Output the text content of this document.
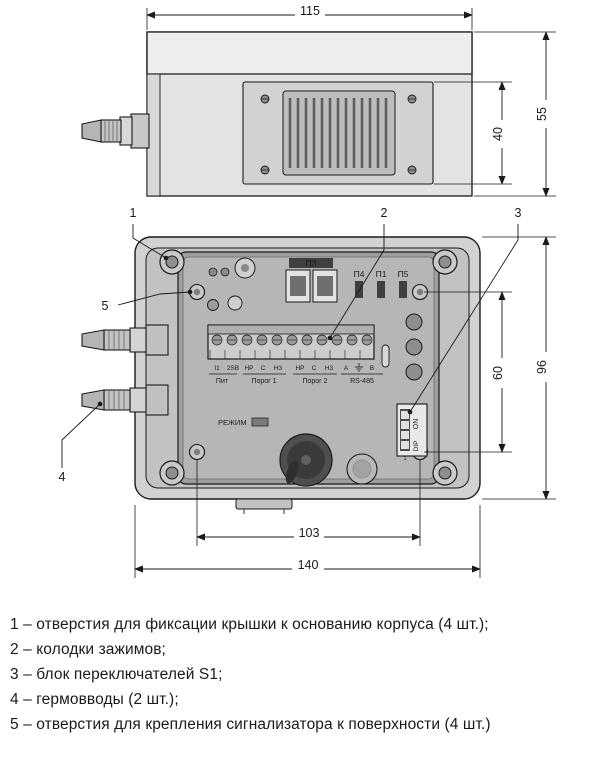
115
55
40
П3
П4 П1 П5
I1 2SB HP C H3 HP C H3 A	B
Пит	Порог 1	Порог 2	RS-485
РЕЖИМ	ON
DIP
1
96
60
103
140
1	2	3
4
5
1 – отверстия для фиксации крышки к основанию корпуса (4 шт.);
2 – колодки зажимов;
3 – блок переключателей S1;
4 – гермовводы (2 шт.);
5 – отверстия для крепления сигнализатора к поверхности (4 шт.)
